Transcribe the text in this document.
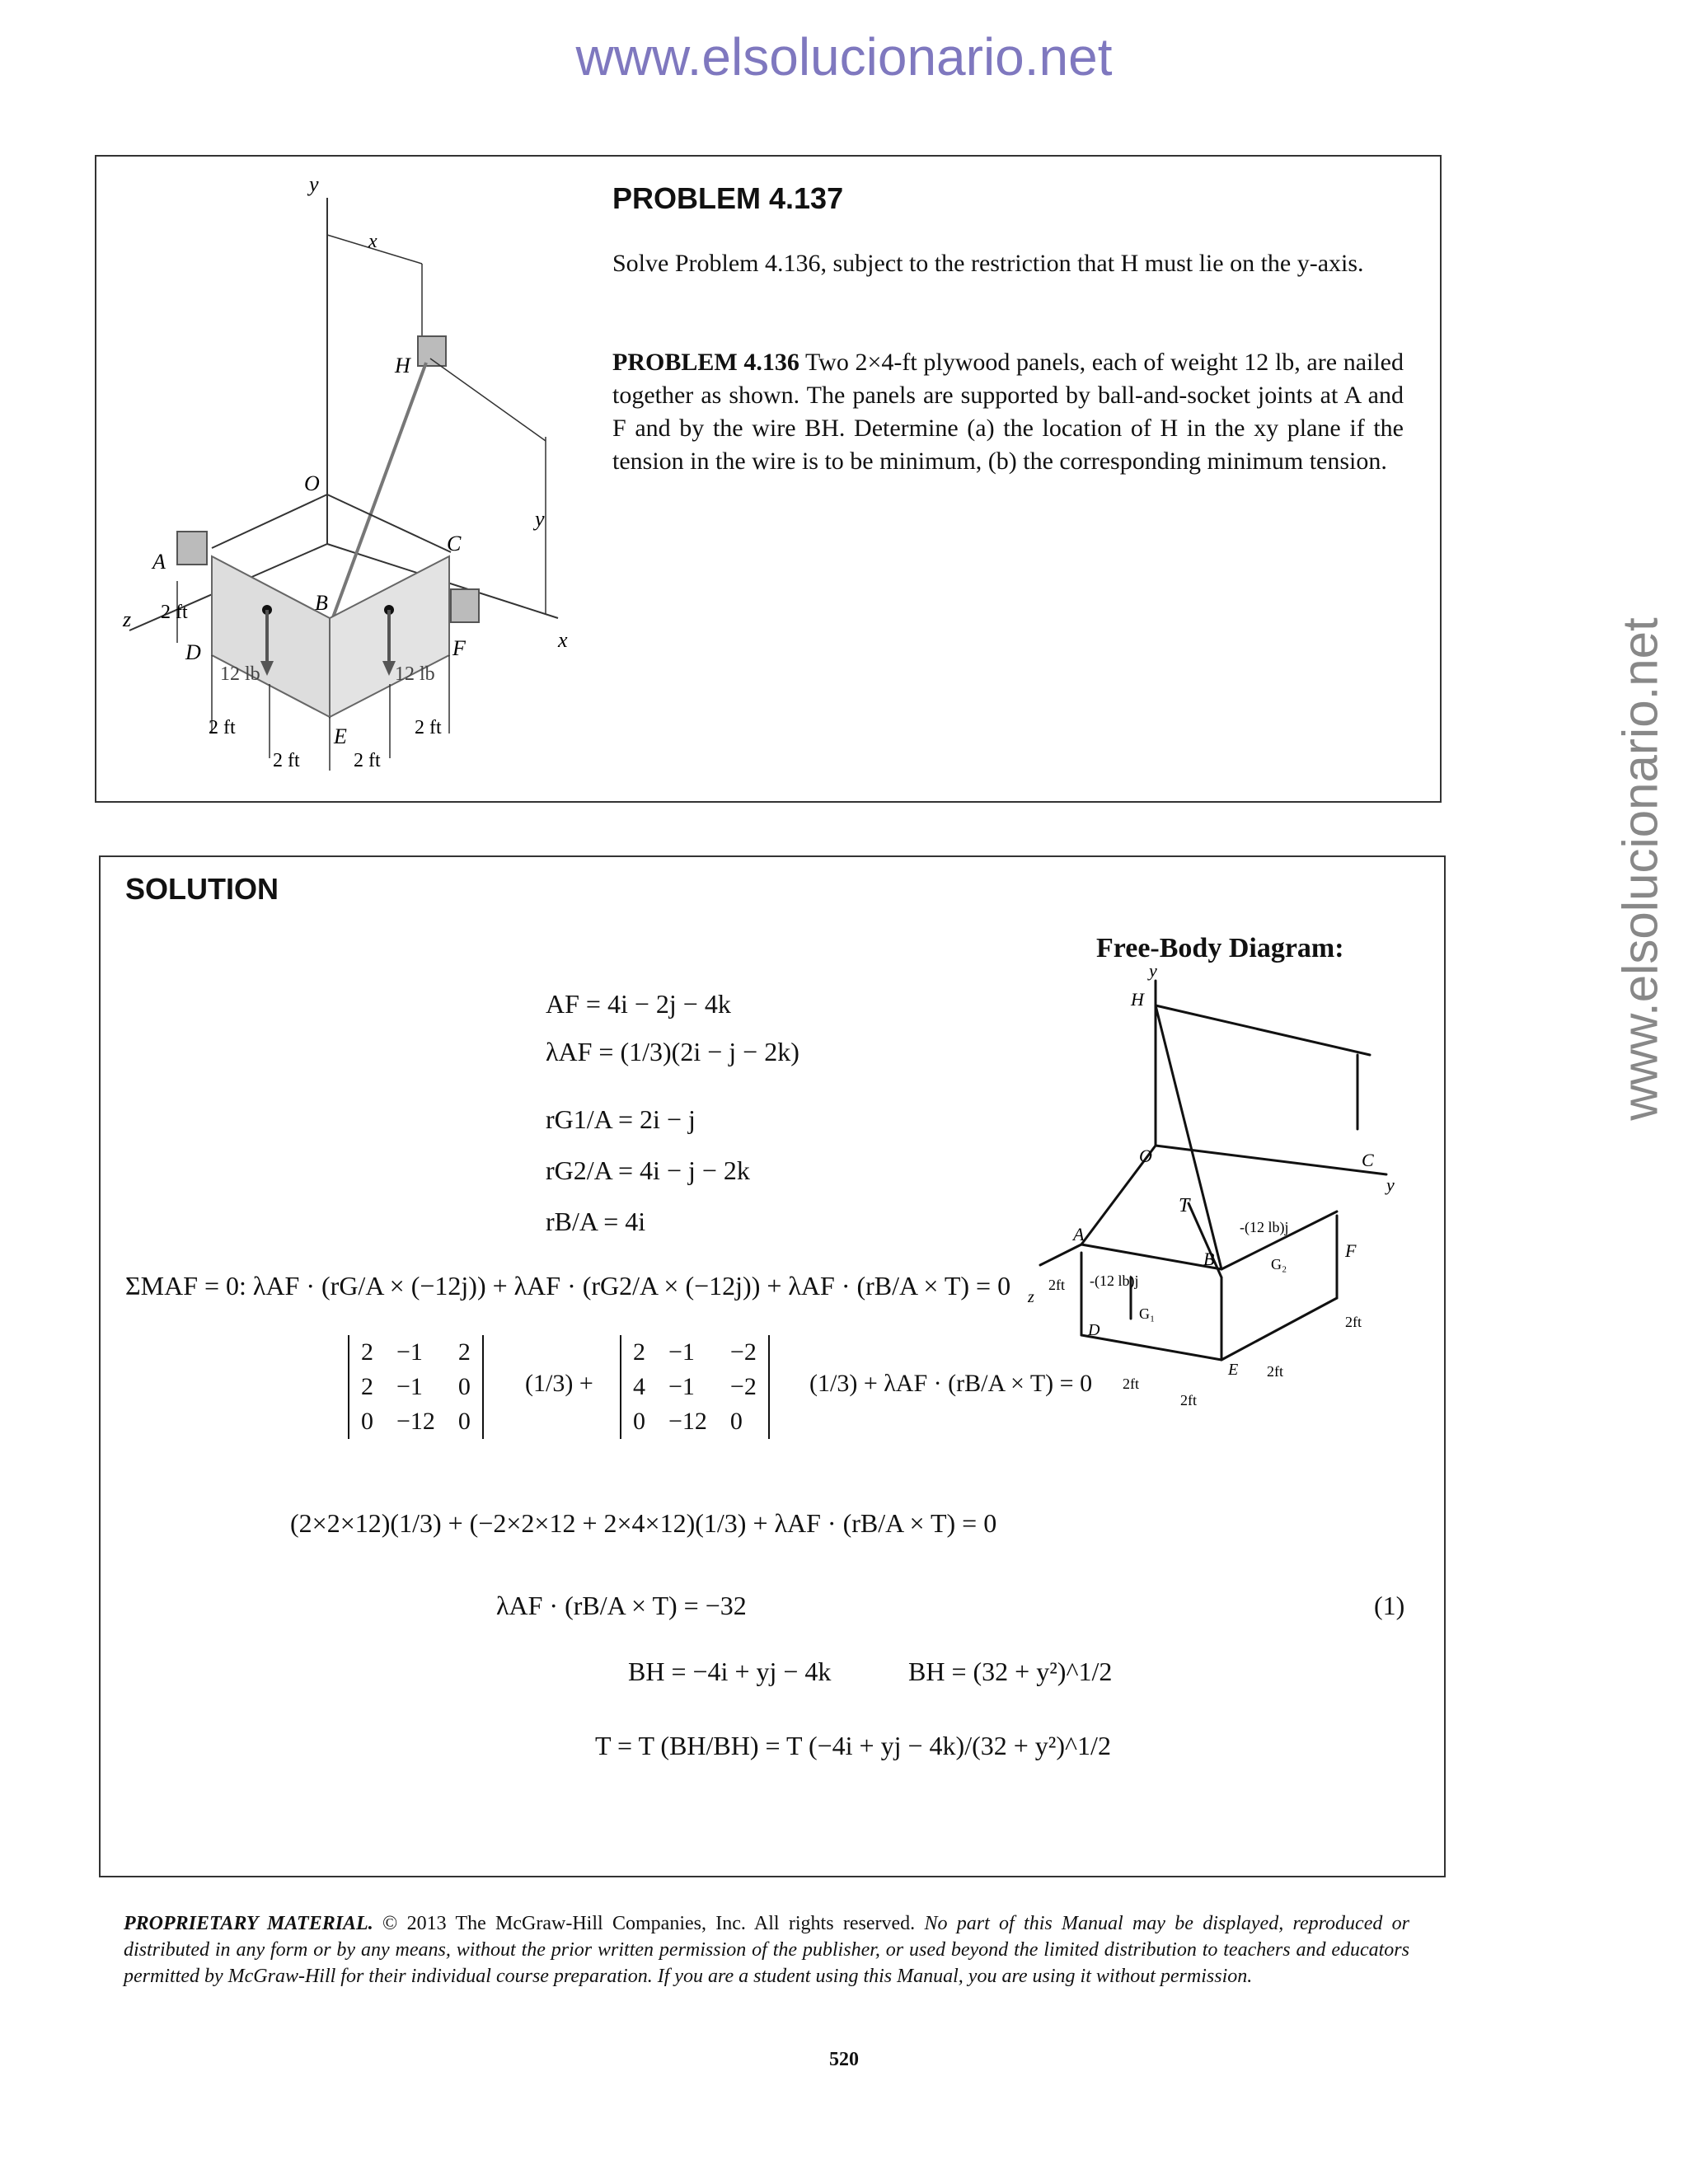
www.elsolucionario.net
www.elsolucionario.net
y
x
z
x
H
y
O
C
A
B
F
D
E
12 lb	12 lb
2 ft
2 ft
2 ft	2 ft
2 ft
PROBLEM 4.137
Solve Problem 4.136, subject to the restriction that H must lie on the y-axis.
PROBLEM 4.136 Two 2×4-ft plywood panels, each of weight 12 lb, are nailed together as shown. The panels are supported by ball-and-socket joints at A and F and by the wire BH. Determine (a) the location of H in the xy plane if the tension in the wire is to be minimum, (b) the corresponding minimum tension.
SOLUTION
AF = 4i − 2j − 4k
λAF = (1/3)(2i − j − 2k)
rG1/A = 2i − j
rG2/A = 4i − j − 2k
rB/A = 4i
ΣMAF = 0: λAF · (rG/A × (−12j)) + λAF · (rG2/A × (−12j)) + λAF · (rB/A × T) = 0
2	−1	2
2	−1	0
0	−12	0
(1/3) +
2	−1	−2
4	−1	−2
0	−12	0
(1/3) + λAF · (rB/A × T) = 0
(2×2×12)(1/3) + (−2×2×12 + 2×4×12)(1/3) + λAF · (rB/A × T) = 0
λAF · (rB/A × T) = −32	(1)
BH = −4i + yj − 4k	BH = (32 + y²)^1/2
T = T (BH/BH) = T (−4i + yj − 4k)/(32 + y²)^1/2
Free-Body Diagram:
y
H
O	C
y
T
B
A
F
D
E
z
G₁
G₂
-(12 lb)j
-(12 lb)j
2ft
2ft
2ft
2ft
2ft
PROPRIETARY MATERIAL. © 2013 The McGraw-Hill Companies, Inc. All rights reserved. No part of this Manual may be displayed, reproduced or distributed in any form or by any means, without the prior written permission of the publisher, or used beyond the limited distribution to teachers and educators permitted by McGraw-Hill for their individual course preparation. If you are a student using this Manual, you are using it without permission.
520
